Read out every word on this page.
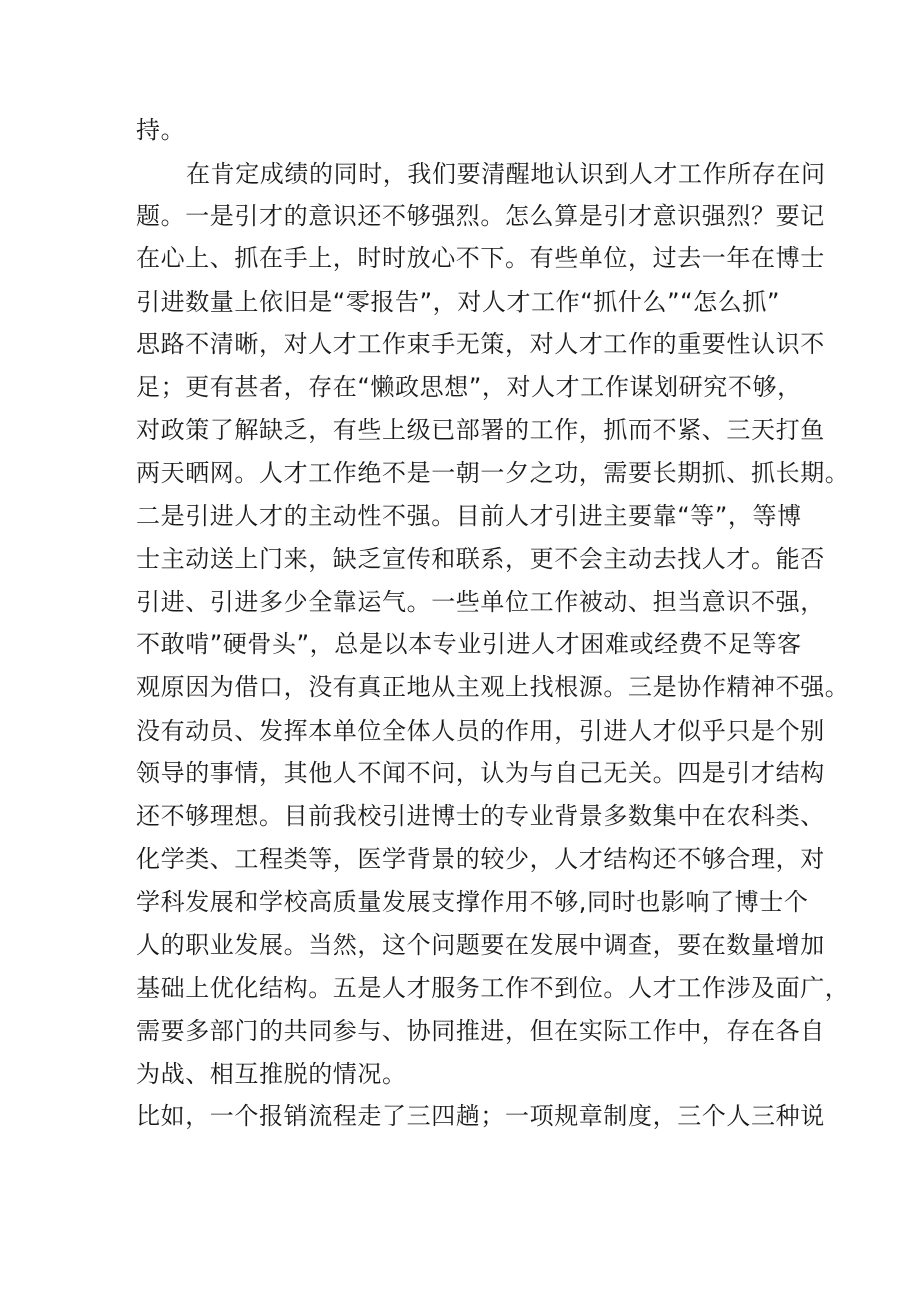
持。
在肯定成绩的同时，我们要清醒地认识到人才工作所存在问
题。一是引才的意识还不够强烈。怎么算是引才意识强烈？要记
在心上、抓在手上，时时放心不下。有些单位，过去一年在博士
引进数量上依旧是“零报告”，对人才工作“抓什么”“怎么抓”
思路不清晰，对人才工作束手无策，对人才工作的重要性认识不
足；更有甚者，存在“懒政思想”，对人才工作谋划研究不够，
对政策了解缺乏，有些上级已部署的工作，抓而不紧、三天打鱼
两天晒网。人才工作绝不是一朝一夕之功，需要长期抓、抓长期。
二是引进人才的主动性不强。目前人才引进主要靠“等”，等博
士主动送上门来，缺乏宣传和联系，更不会主动去找人才。能否
引进、引进多少全靠运气。一些单位工作被动、担当意识不强，
不敢啃”硬骨头”，总是以本专业引进人才困难或经费不足等客
观原因为借口，没有真正地从主观上找根源。三是协作精神不强。
没有动员、发挥本单位全体人员的作用，引进人才似乎只是个别
领导的事情，其他人不闻不问，认为与自己无关。四是引才结构
还不够理想。目前我校引进博士的专业背景多数集中在农科类、
化学类、工程类等，医学背景的较少，人才结构还不够合理，对
学科发展和学校高质量发展支撑作用不够,同时也影响了博士个
人的职业发展。当然，这个问题要在发展中调查，要在数量增加
基础上优化结构。五是人才服务工作不到位。人才工作涉及面广，
需要多部门的共同参与、协同推进，但在实际工作中，存在各自
为战、相互推脱的情况。
比如，一个报销流程走了三四趟；一项规章制度，三个人三种说
